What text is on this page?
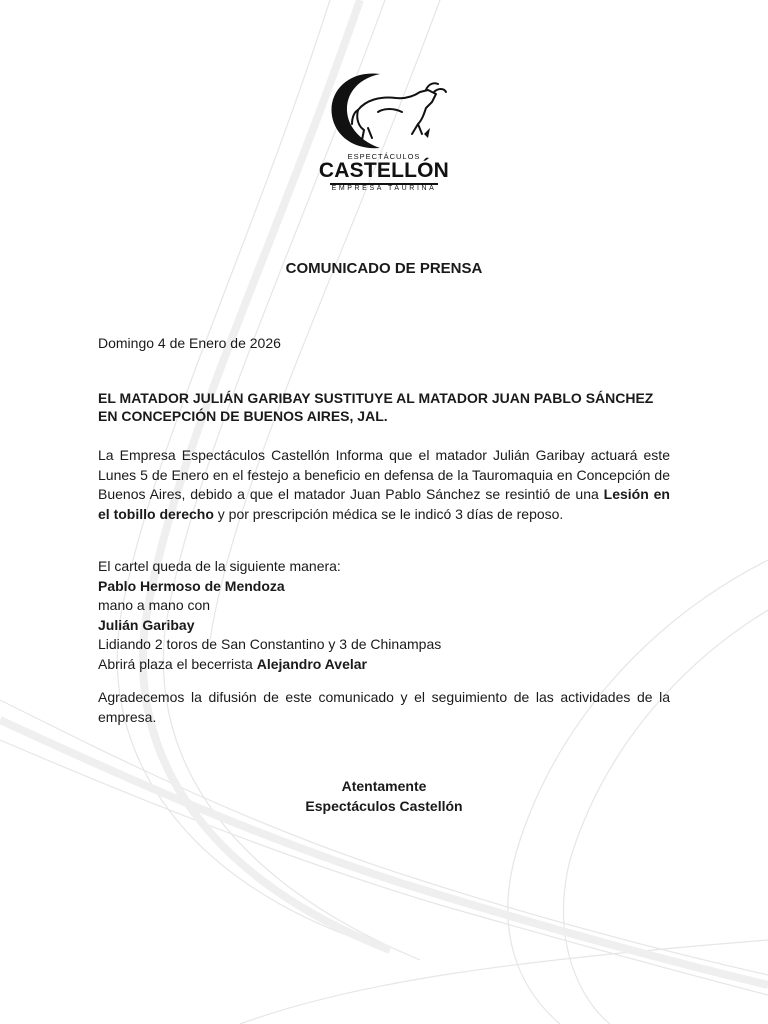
ESPECTÁCULOS
CASTELLÓN
EMPRESA TAURINA
COMUNICADO DE PRENSA
Domingo 4 de Enero de 2026
EL MATADOR JULIÁN GARIBAY SUSTITUYE AL MATADOR JUAN PABLO SÁNCHEZ EN CONCEPCIÓN DE BUENOS AIRES, JAL.
La Empresa Espectáculos Castellón Informa que el matador Julián Garibay actuará este Lunes 5 de Enero en el festejo a beneficio en defensa de la Tauromaquia en Concepción de Buenos Aires, debido a que el matador Juan Pablo Sánchez se resintió de una Lesión en el tobillo derecho y por prescripción médica se le indicó 3 días de reposo.
El cartel queda de la siguiente manera:
Pablo Hermoso de Mendoza
mano a mano con
Julián Garibay
Lidiando 2 toros de San Constantino y 3 de Chinampas
Abrirá plaza el becerrista Alejandro Avelar
Agradecemos la difusión de este comunicado y el seguimiento de las actividades de la empresa.
Atentamente
Espectáculos Castellón
